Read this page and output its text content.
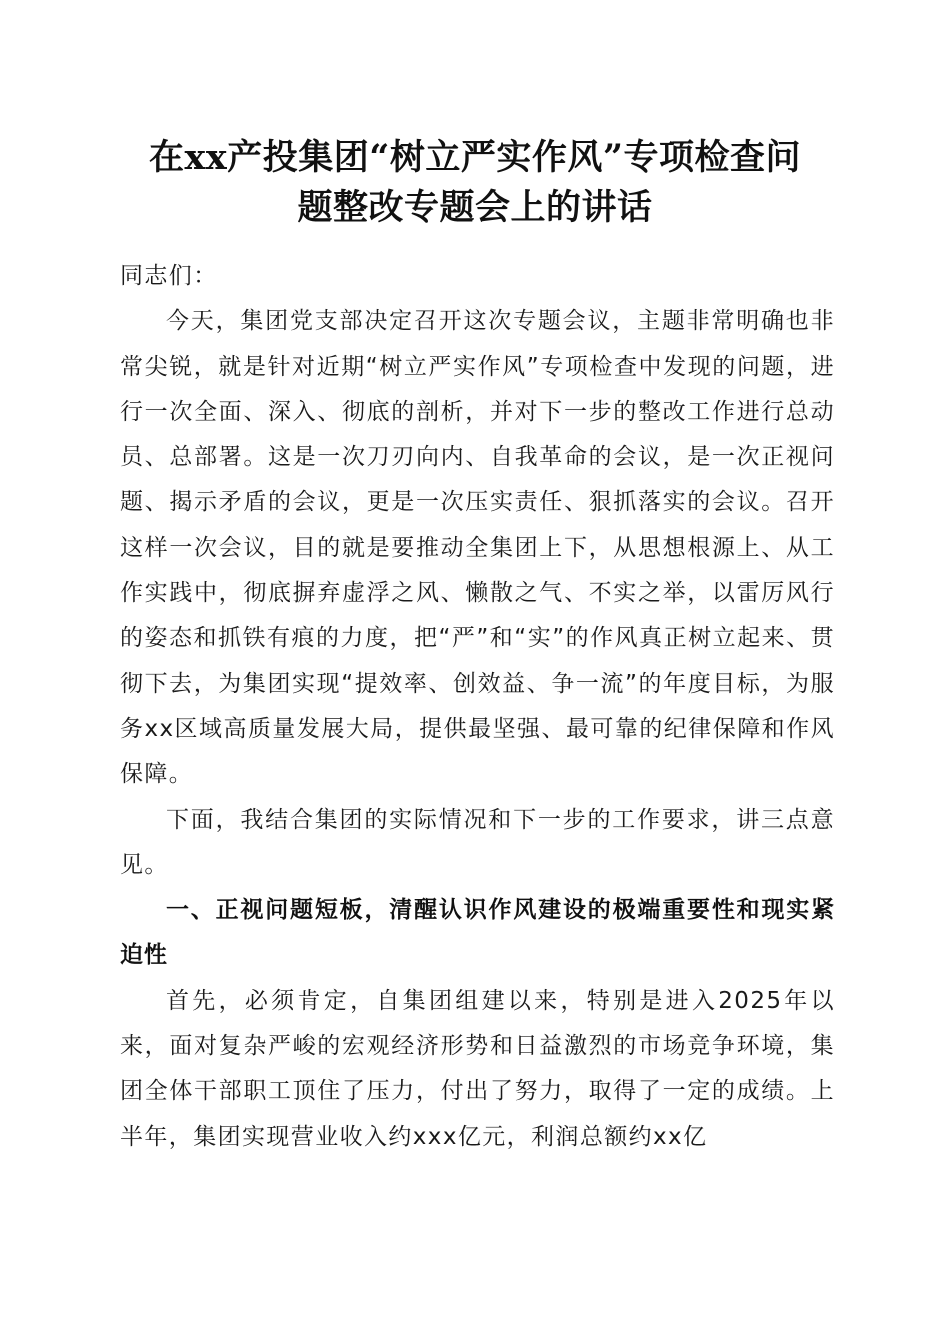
在xx产投集团“树立严实作风”专项检查问
题整改专题会上的讲话

同志们：

今天，集团党支部决定召开这次专题会议，主题非常明确也非常尖锐，就是针对近期“树立严实作风”专项检查中发现的问题，进行一次全面、深入、彻底的剖析，并对下一步的整改工作进行总动员、总部署。这是一次刀刃向内、自我革命的会议，是一次正视问题、揭示矛盾的会议，更是一次压实责任、狠抓落实的会议。召开这样一次会议，目的就是要推动全集团上下，从思想根源上、从工作实践中，彻底摒弃虚浮之风、懒散之气、不实之举，以雷厉风行的姿态和抓铁有痕的力度，把“严”和“实”的作风真正树立起来、贯彻下去，为集团实现“提效率、创效益、争一流”的年度目标，为服务xx区域高质量发展大局，提供最坚强、最可靠的纪律保障和作风保障。

下面，我结合集团的实际情况和下一步的工作要求，讲三点意见。

一、正视问题短板，清醒认识作风建设的极端重要性和现实紧迫性

首先，必须肯定，自集团组建以来，特别是进入2025年以来，面对复杂严峻的宏观经济形势和日益激烈的市场竞争环境，集团全体干部职工顶住了压力，付出了努力，取得了一定的成绩。上半年，集团实现营业收入约xxx亿元，利润总额约xx亿
